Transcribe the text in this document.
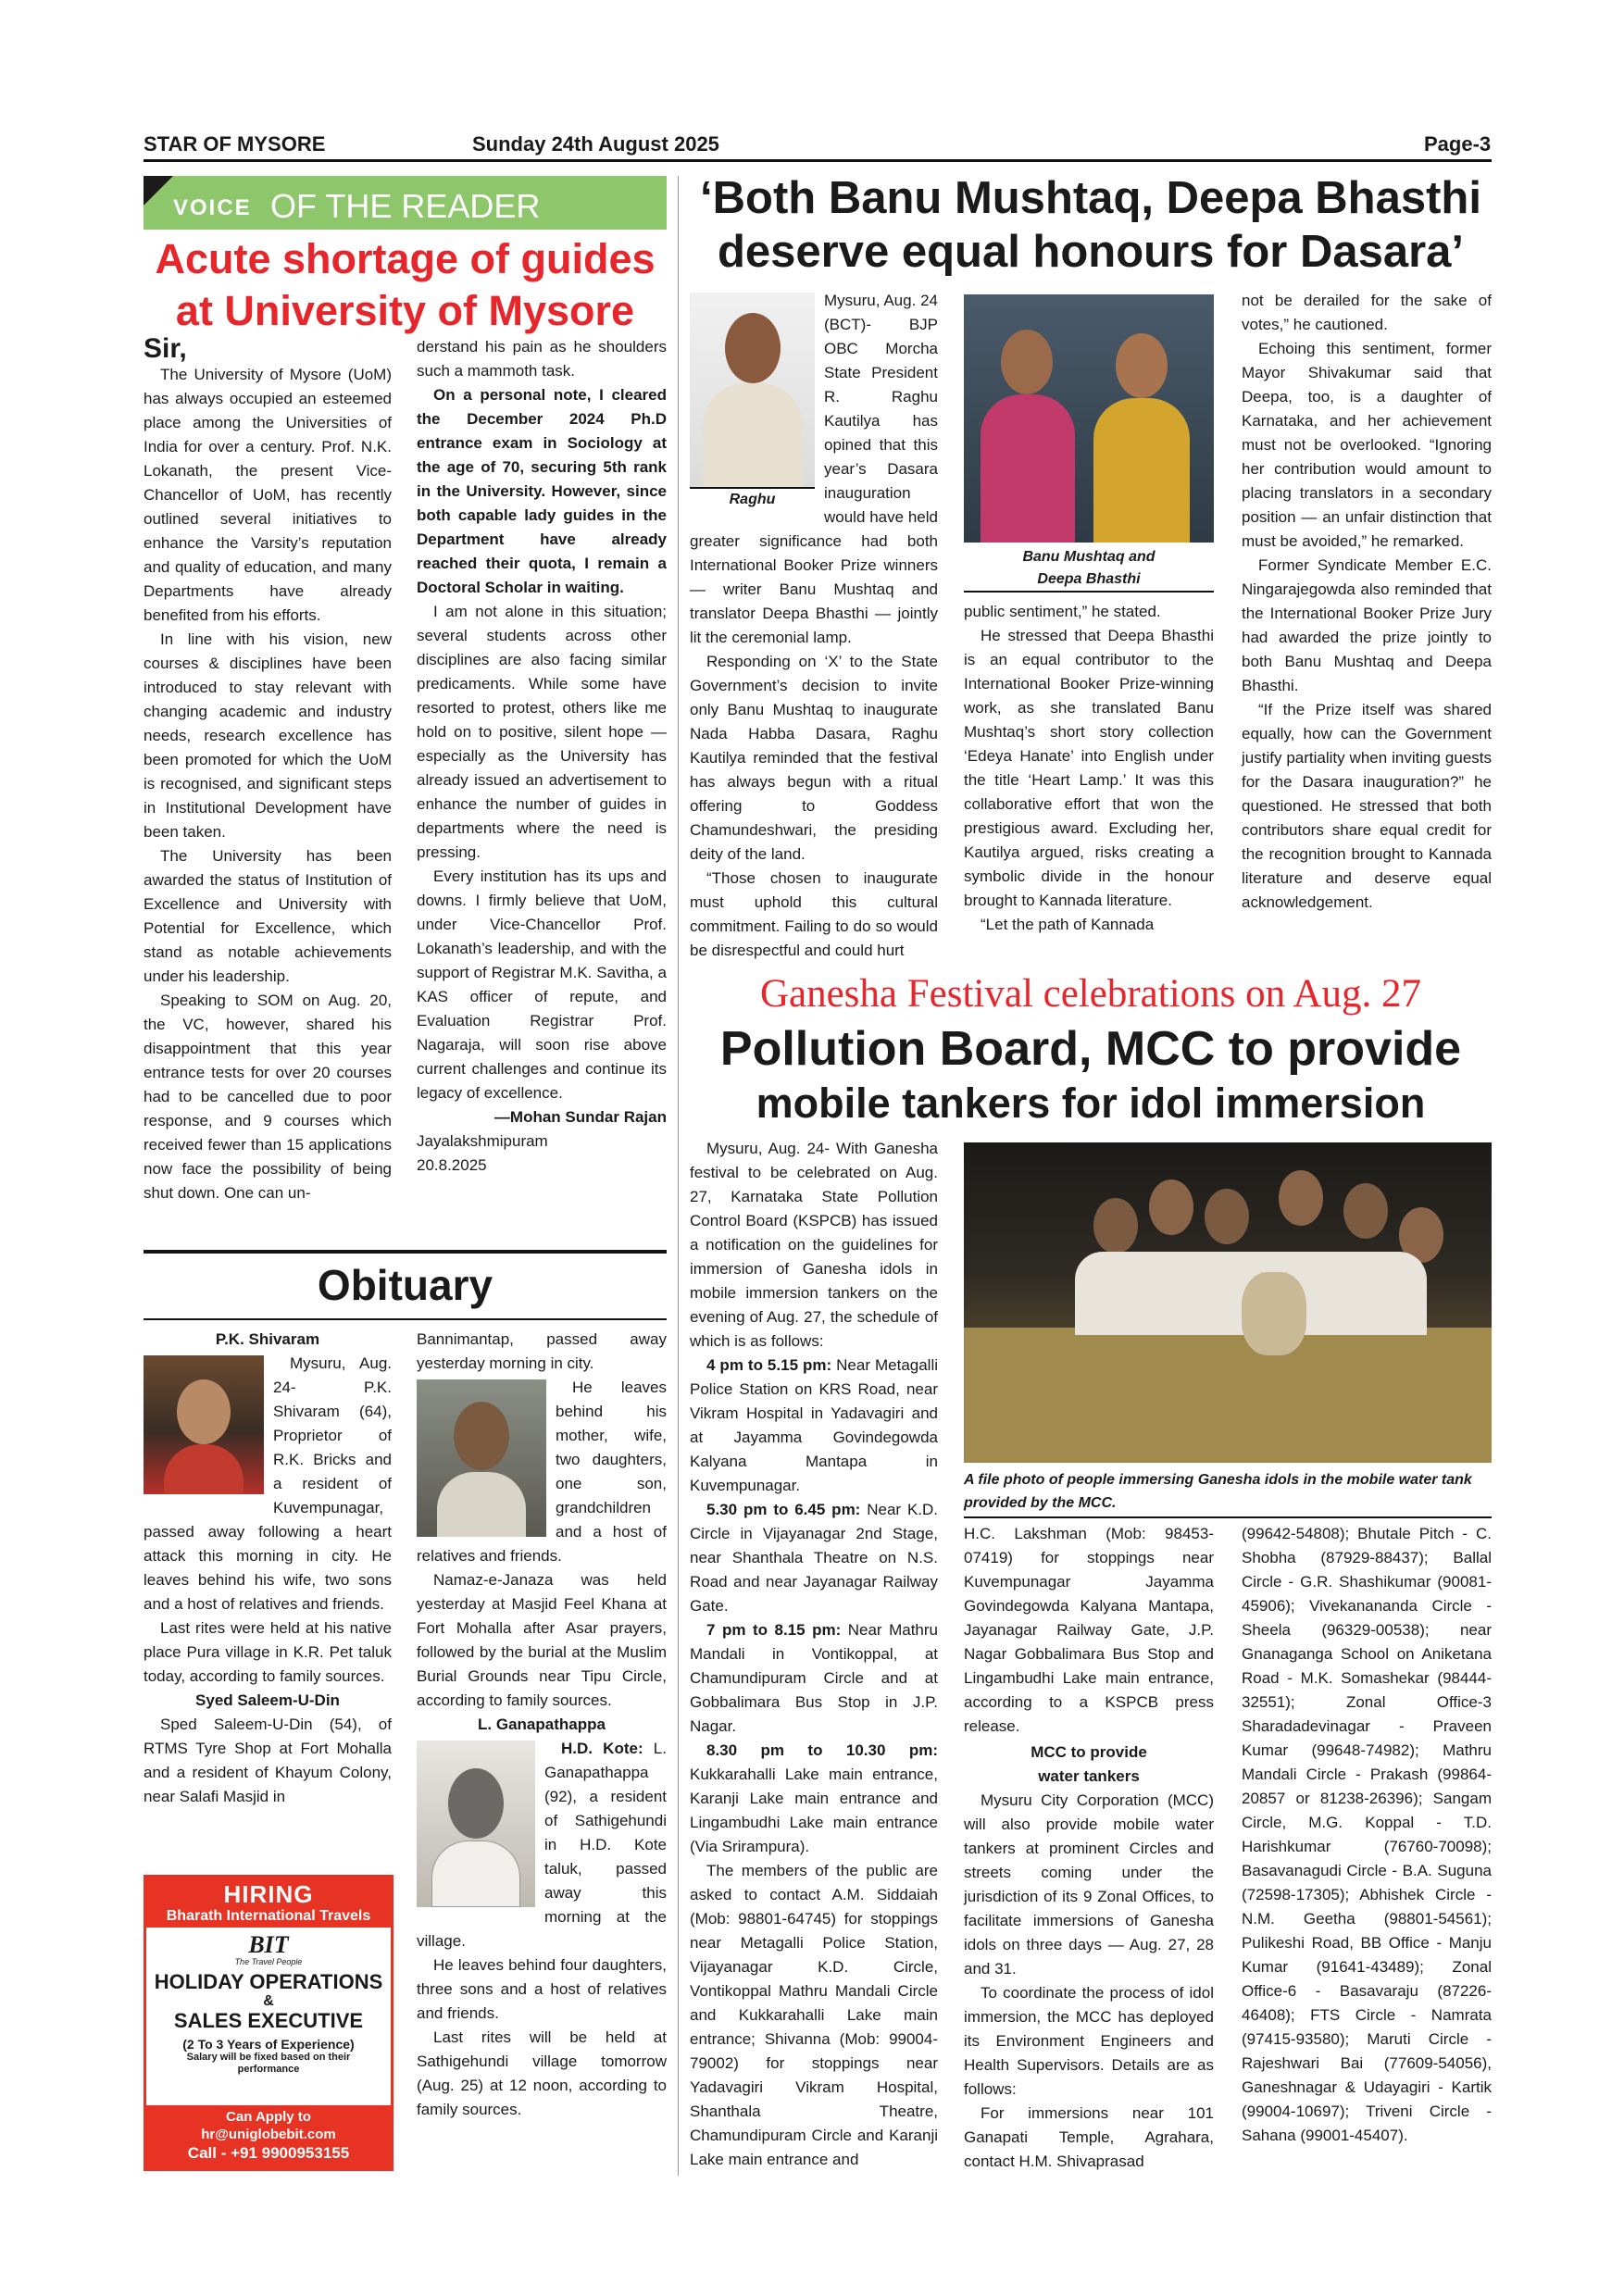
STAR OF MYSORE	Sunday 24th August 2025	Page-3
VOICE OF THE READER
Acute shortage of guides
at University of Mysore

Sir,

The University of Mysore (UoM) has always occupied an esteemed place among the Universities of India for over a century. Prof. N.K. Lokanath, the present Vice-Chancellor of UoM, has recently outlined several initiatives to enhance the Varsity’s reputation and quality of education, and many Departments have already benefited from his efforts.

In line with his vision, new courses & disciplines have been introduced to stay relevant with changing academic and industry needs, research excellence has been promoted for which the UoM is recognised, and significant steps in Institutional Development have been taken.

The University has been awarded the status of Institution of Excellence and University with Potential for Excellence, which stand as notable achievements under his leadership.

Speaking to SOM on Aug. 20, the VC, however, shared his disappointment that this year entrance tests for over 20 courses had to be cancelled due to poor response, and 9 courses which received fewer than 15 applications now face the possibility of being shut down. One can un-

derstand his pain as he shoulders such a mammoth task.

On a personal note, I cleared the December 2024 Ph.D entrance exam in Sociology at the age of 70, securing 5th rank in the University. However, since both capable lady guides in the Department have already reached their quota, I remain a Doctoral Scholar in waiting.

I am not alone in this situation; several students across other disciplines are also facing similar predicaments. While some have resorted to protest, others like me hold on to positive, silent hope — especially as the University has already issued an advertisement to enhance the number of guides in departments where the need is pressing.

Every institution has its ups and downs. I firmly believe that UoM, under Vice-Chancellor Prof. Lokanath’s leadership, and with the support of Registrar M.K. Savitha, a KAS officer of repute, and Evaluation Registrar Prof. Nagaraja, will soon rise above current challenges and continue its legacy of excellence.

—Mohan Sundar Rajan

Jayalakshmipuram

20.8.2025

Obituary
P.K. Shivaram

Mysuru, Aug. 24- P.K. Shivaram (64), Proprietor of R.K. Bricks and a resident of Kuvempunagar, passed away following a heart attack this morning in city. He leaves behind his wife, two sons and a host of relatives and friends.

Last rites were held at his native place Pura village in K.R. Pet taluk today, according to family sources.

Syed Saleem-U-Din

Sped Saleem-U-Din (54), of RTMS Tyre Shop at Fort Mohalla and a resident of Khayum Colony, near Salafi Masjid in

Bannimantap, passed away yesterday morning in city.

He leaves behind his mother, wife, two daughters, one son, grandchildren and a host of relatives and friends.

Namaz-e-Janaza was held yesterday at Masjid Feel Khana at Fort Mohalla after Asar prayers, followed by the burial at the Muslim Burial Grounds near Tipu Circle, according to family sources.

L. Ganapathappa

H.D. Kote: L. Ganapathappa (92), a resident of Sathigehundi in H.D. Kote taluk, passed away this morning at the village.

He leaves behind four daughters, three sons and a host of relatives and friends.

Last rites will be held at Sathigehundi village tomorrow (Aug. 25) at 12 noon, according to family sources.

HIRING
Bharath International Travels
BIT
The Travel People
HOLIDAY OPERATIONS
&
SALES EXECUTIVE
(2 To 3 Years of Experience)
Salary will be fixed based on their performance
Can Apply to
hr@uniglobebit.com
Call - +91 9900953155
‘Both Banu Mushtaq, Deepa Bhasthi
deserve equal honours for Dasara’
Raghu

Mysuru, Aug. 24 (BCT)- BJP OBC Morcha State President R. Raghu Kautilya has opined that this year’s Dasara inauguration would have held greater significance had both International Booker Prize winners — writer Banu Mushtaq and translator Deepa Bhasthi — jointly lit the ceremonial lamp.

Responding on ‘X’ to the State Government’s decision to invite only Banu Mushtaq to inaugurate Nada Habba Dasara, Raghu Kautilya reminded that the festival has always begun with a ritual offering to Goddess Chamundeshwari, the presiding deity of the land.

“Those chosen to inaugurate must uphold this cultural commitment. Failing to do so would be disrespectful and could hurt

Banu Mushtaq and
Deepa Bhasthi

public sentiment,” he stated.

He stressed that Deepa Bhasthi is an equal contributor to the International Booker Prize-winning work, as she translated Banu Mushtaq’s short story collection ‘Edeya Hanate’ into English under the title ‘Heart Lamp.’ It was this collaborative effort that won the prestigious award. Excluding her, Kautilya argued, risks creating a symbolic divide in the honour brought to Kannada literature.

“Let the path of Kannada

not be derailed for the sake of votes,” he cautioned.

Echoing this sentiment, former Mayor Shivakumar said that Deepa, too, is a daughter of Karnataka, and her achievement must not be overlooked. “Ignoring her contribution would amount to placing translators in a secondary position — an unfair distinction that must be avoided,” he remarked.

Former Syndicate Member E.C. Ningarajegowda also reminded that the International Booker Prize Jury had awarded the prize jointly to both Banu Mushtaq and Deepa Bhasthi.

“If the Prize itself was shared equally, how can the Government justify partiality when inviting guests for the Dasara inauguration?” he questioned. He stressed that both contributors share equal credit for the recognition brought to Kannada literature and deserve equal acknowledgement.

Ganesha Festival celebrations on Aug. 27
Pollution Board, MCC to provide
mobile tankers for idol immersion

Mysuru, Aug. 24- With Ganesha festival to be celebrated on Aug. 27, Karnataka State Pollution Control Board (KSPCB) has issued a notification on the guidelines for immersion of Ganesha idols in mobile immersion tankers on the evening of Aug. 27, the schedule of which is as follows:

4 pm to 5.15 pm: Near Metagalli Police Station on KRS Road, near Vikram Hospital in Yadavagiri and at Jayamma Govindegowda Kalyana Mantapa in Kuvempunagar.

5.30 pm to 6.45 pm: Near K.D. Circle in Vijayanagar 2nd Stage, near Shanthala Theatre on N.S. Road and near Jayanagar Railway Gate.

7 pm to 8.15 pm: Near Mathru Mandali in Vontikoppal, at Chamundipuram Circle and at Gobbalimara Bus Stop in J.P. Nagar.

8.30 pm to 10.30 pm: Kukkarahalli Lake main entrance, Karanji Lake main entrance and Lingambudhi Lake main entrance (Via Srirampura).

The members of the public are asked to contact A.M. Siddaiah (Mob: 98801-64745) for stoppings near Metagalli Police Station, Vijayanagar K.D. Circle, Vontikoppal Mathru Mandali Circle and Kukkarahalli Lake main entrance; Shivanna (Mob: 99004-79002) for stoppings near Yadavagiri Vikram Hospital, Shanthala Theatre, Chamundipuram Circle and Karanji Lake main entrance and

A file photo of people immersing Ganesha idols in the mobile water tank provided by the MCC.

H.C. Lakshman (Mob: 98453-07419) for stoppings near Kuvempunagar Jayamma Govindegowda Kalyana Mantapa, Jayanagar Railway Gate, J.P. Nagar Gobbalimara Bus Stop and Lingambudhi Lake main entrance, according to a KSPCB press release.

MCC to provide
water tankers

Mysuru City Corporation (MCC) will also provide mobile water tankers at prominent Circles and streets coming under the jurisdiction of its 9 Zonal Offices, to facilitate immersions of Ganesha idols on three days — Aug. 27, 28 and 31.

To coordinate the process of idol immersion, the MCC has deployed its Environment Engineers and Health Supervisors. Details are as follows:

For immersions near 101 Ganapati Temple, Agrahara, contact H.M. Shivaprasad

(99642-54808); Bhutale Pitch - C. Shobha (87929-88437); Ballal Circle - G.R. Shashikumar (90081-45906); Vivekanananda Circle - Sheela (96329-00538); near Gnanaganga School on Aniketana Road - M.K. Somashekar (98444-32551); Zonal Office-3 Sharadadevinagar - Praveen Kumar (99648-74982); Mathru Mandali Circle - Prakash (99864-20857 or 81238-26396); Sangam Circle, M.G. Koppal - T.D. Harishkumar (76760-70098); Basavanagudi Circle - B.A. Suguna (72598-17305); Abhishek Circle - N.M. Geetha (98801-54561); Pulikeshi Road, BB Office - Manju Kumar (91641-43489); Zonal Office-6 - Basavaraju (87226-46408); FTS Circle - Namrata (97415-93580); Maruti Circle - Rajeshwari Bai (77609-54056), Ganeshnagar & Udayagiri - Kartik (99004-10697); Triveni Circle - Sahana (99001-45407).
